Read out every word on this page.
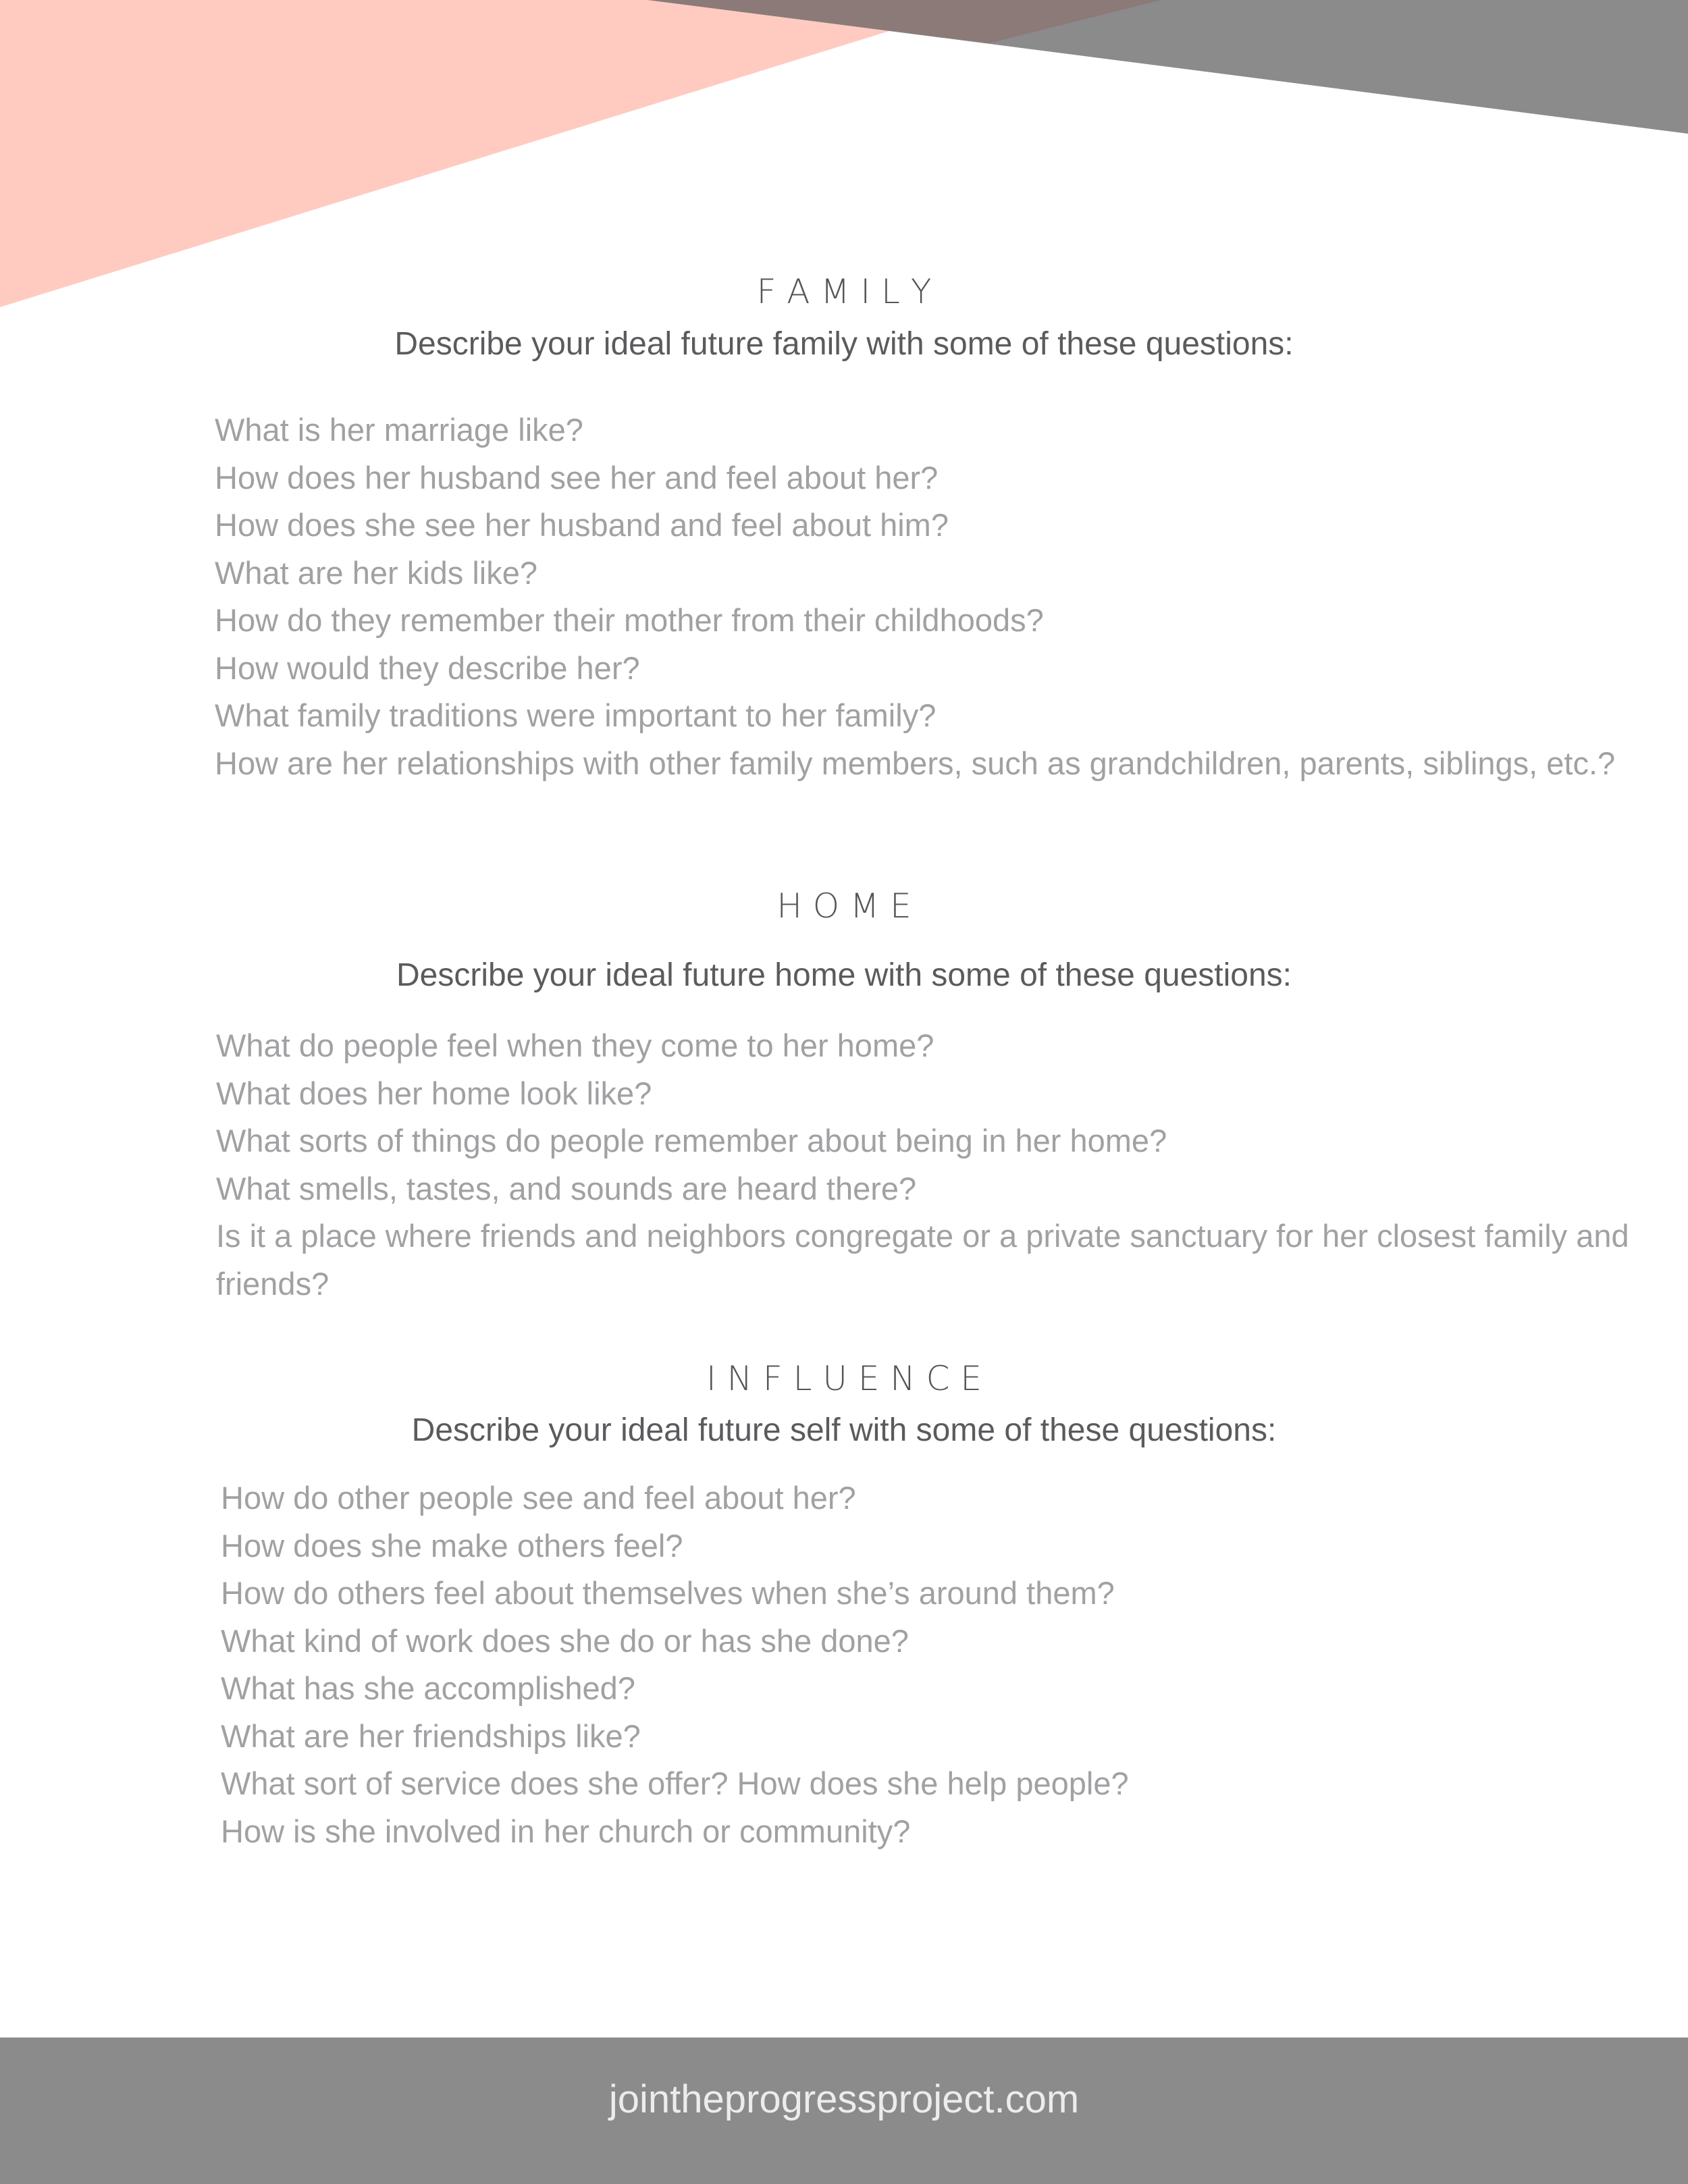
F A M I L Y

Describe your ideal future family with some of these questions:

What is her marriage like?
How does her husband see her and feel about her?
How does she see her husband and feel about him?
What are her kids like?
How do they remember their mother from their childhoods?
How would they describe her?
What family traditions were important to her family?
How are her relationships with other family members, such as grandchildren, parents, siblings, etc.?
H O M E

Describe your ideal future home with some of these questions:

What do people feel when they come to her home?
What does her home look like?
What sorts of things do people remember about being in her home?
What smells, tastes, and sounds are heard there?
Is it a place where friends and neighbors congregate or a private sanctuary for her closest family and friends?
I N F L U E N C E

Describe your ideal future self with some of these questions:

How do other people see and feel about her?
How does she make others feel?
How do others feel about themselves when she’s around them?
What kind of work does she do or has she done?
What has she accomplished?
What are her friendships like?
What sort of service does she offer? How does she help people?
How is she involved in her church or community?
jointheprogressproject.com
